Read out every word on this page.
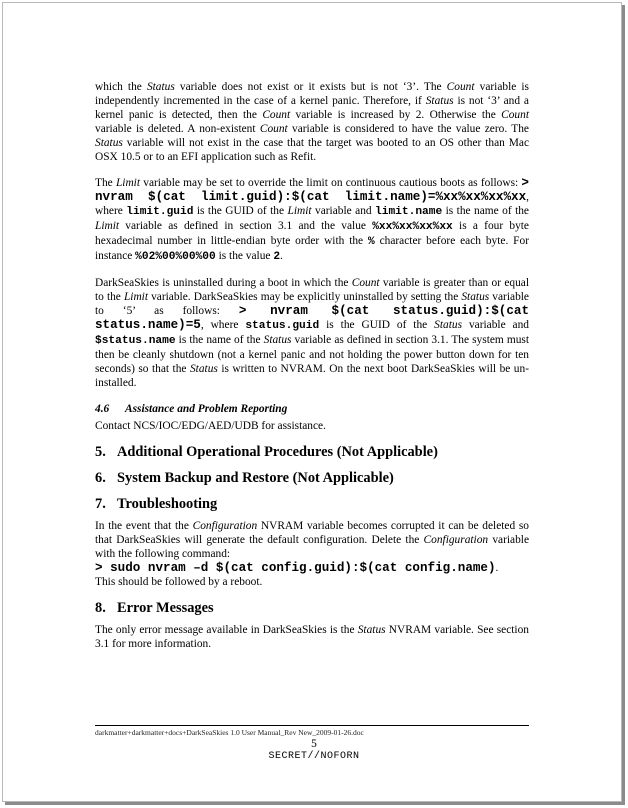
which the Status variable does not exist or it exists but is not ‘3’. The Count variable is independently incremented in the case of a kernel panic. Therefore, if Status is not ‘3’ and a kernel panic is detected, then the Count variable is increased by 2. Otherwise the Count variable is deleted. A non-existent Count variable is considered to have the value zero. The Status variable will not exist in the case that the target was booted to an OS other than Mac OSX 10.5 or to an EFI application such as Refit.

The Limit variable may be set to override the limit on continuous cautious boots as follows: > nvram $(cat limit.guid):$(cat limit.name)=%xx%xx%xx%xx, where limit.guid is the GUID of the Limit variable and limit.name is the name of the Limit variable as defined in section 3.1 and the value %xx%xx%xx%xx is a four byte hexadecimal number in little-endian byte order with the % character before each byte. For instance %02%00%00%00 is the value 2.

DarkSeaSkies is uninstalled during a boot in which the Count variable is greater than or equal to the Limit variable. DarkSeaSkies may be explicitly uninstalled by setting the Status variable to ‘5’ as follows: > nvram $(cat status.guid):$(cat status.name)=5, where status.guid is the GUID of the Status variable and $status.name is the name of the Status variable as defined in section 3.1. The system must then be cleanly shutdown (not a kernel panic and not holding the power button down for ten seconds) so that the Status is written to NVRAM. On the next boot DarkSeaSkies will be un-installed.

4.6 Assistance and Problem Reporting

Contact NCS/IOC/EDG/AED/UDB for assistance.

5. Additional Operational Procedures (Not Applicable)
6. System Backup and Restore (Not Applicable)
7. Troubleshooting

In the event that the Configuration NVRAM variable becomes corrupted it can be deleted so that DarkSeaSkies will generate the default configuration. Delete the Configuration variable with the following command:
> sudo nvram –d $(cat config.guid):$(cat config.name).
This should be followed by a reboot.

8. Error Messages

The only error message available in DarkSeaSkies is the Status NVRAM variable. See section 3.1 for more information.

darkmatter+darkmatter+docs+DarkSeaSkies 1.0 User Manual_Rev New_2009-01-26.doc
5
SECRET//NOFORN
